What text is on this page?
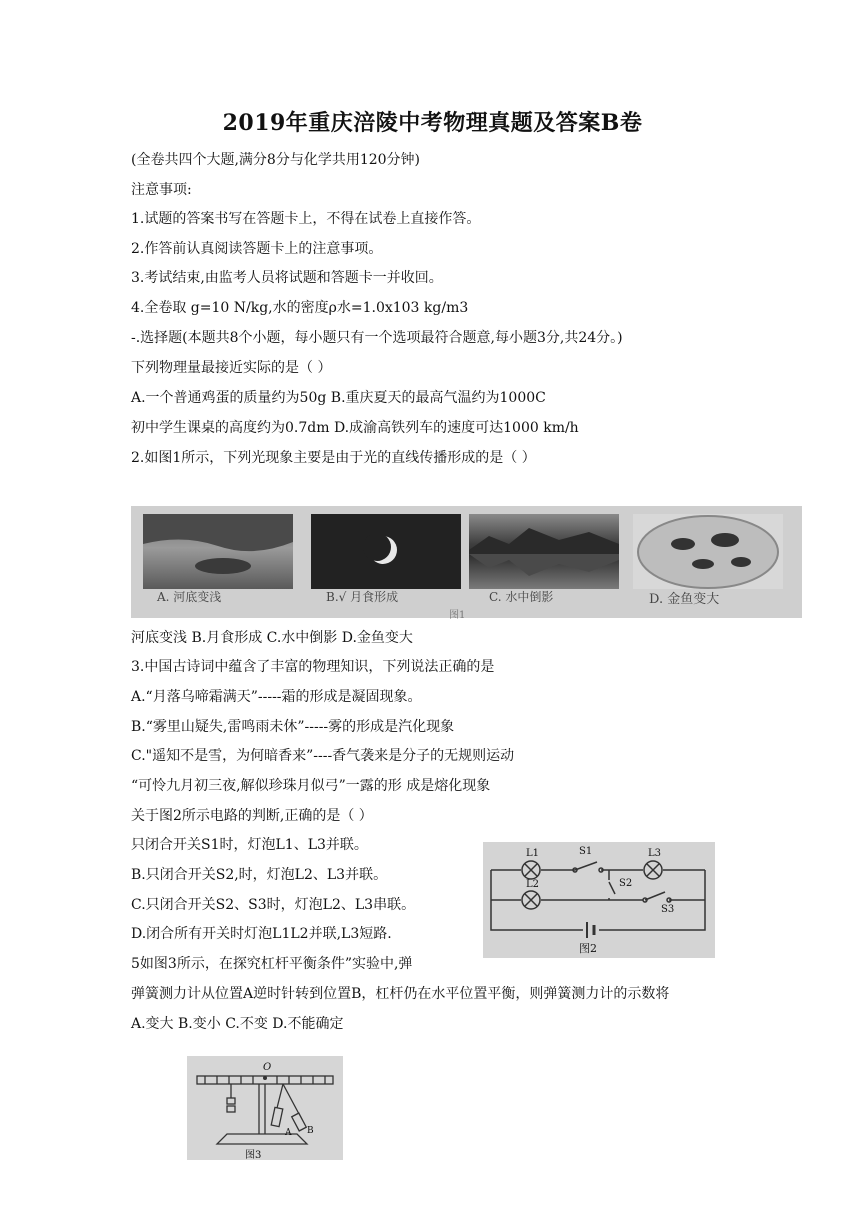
2019年重庆涪陵中考物理真题及答案B卷
(全卷共四个大题,满分8分与化学共用120分钟)
注意事项:
1.试题的答案书写在答题卡上，不得在试卷上直接作答。
2.作答前认真阅读答题卡上的注意事项。
3.考试结束,由监考人员将试题和答题卡一并收回。
4.全卷取 g=10 N/kg,水的密度ρ水=1.0x103 kg/m3
-.选择题(本题共8个小题，每小题只有一个选项最符合题意,每小题3分,共24分。)
下列物理量最接近实际的是（ ）
A.一个普通鸡蛋的质量约为50g B.重庆夏天的最高气温约为1000C
初中学生课桌的高度约为0.7dm D.成渝高铁列车的速度可达1000 km/h
2.如图1所示，下列光现象主要是由于光的直线传播形成的是（ ）
A. 河底变浅	B.√ 月食形成	C. 水中倒影	D. 金鱼变大
图1
河底变浅 B.月食形成 C.水中倒影 D.金鱼变大
3.中国古诗词中蕴含了丰富的物理知识，下列说法正确的是
A.“月落乌啼霜满天”-----霜的形成是凝固现象。
B.“雾里山疑失,雷鸣雨未休”-----雾的形成是汽化现象
C."遥知不是雪，为何暗香来”----香气袭来是分子的无规则运动
“可怜九月初三夜,解似珍珠月似弓”一露的形 成是熔化现象
关于图2所示电路的判断,正确的是（ ）
只闭合开关S1时，灯泡L1、L3并联。
B.只闭合开关S2,时，灯泡L2、L3并联。
C.只闭合开关S2、S3时，灯泡L2、L3串联。
D.闭合所有开关时灯泡L1L2并联,L3短路.
5如图3所示，在探究杠杆平衡条件”实验中,弹
弹簧测力计从位置A逆时针转到位置B，杠杆仍在水平位置平衡，则弹簧测力计的示数将
A.变大 B.变小 C.不变 D.不能确定
L1	S1	L3
L2	S2
S3
图2
O
A B
图3
